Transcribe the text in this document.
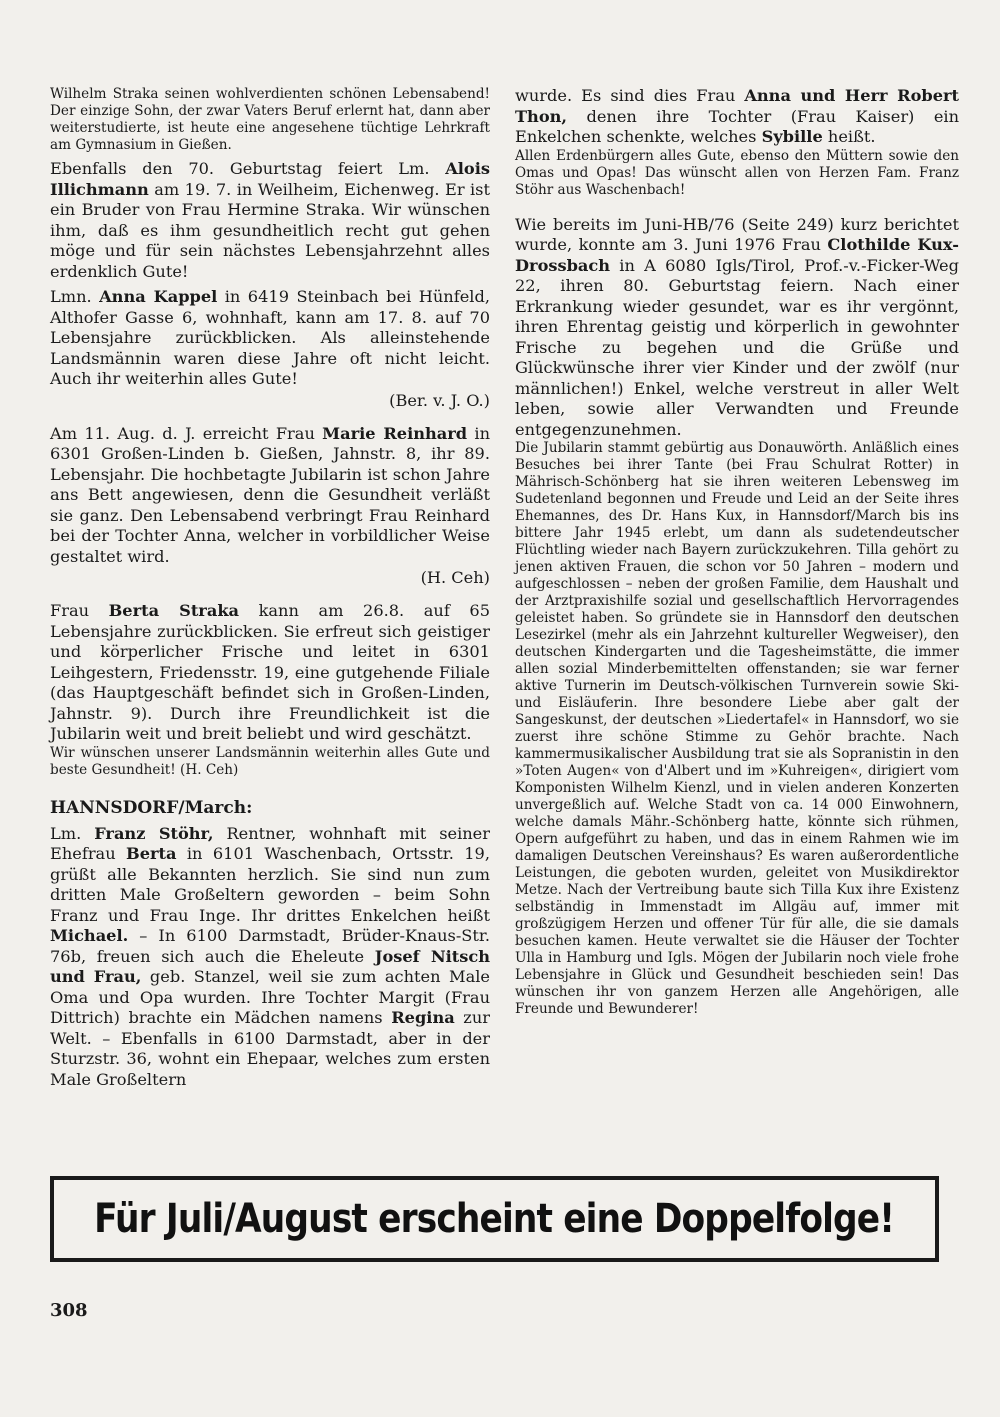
Wilhelm Straka seinen wohlverdienten schönen Lebensabend! Der einzige Sohn, der zwar Vaters Beruf erlernt hat, dann aber weiterstudierte, ist heute eine angesehene tüchtige Lehrkraft am Gymnasium in Gießen.

Ebenfalls den 70. Geburtstag feiert Lm. Alois Illichmann am 19. 7. in Weilheim, Eichenweg. Er ist ein Bruder von Frau Hermine Straka. Wir wünschen ihm, daß es ihm gesundheitlich recht gut gehen möge und für sein nächstes Lebensjahrzehnt alles erdenklich Gute!

Lmn. Anna Kappel in 6419 Steinbach bei Hünfeld, Althofer Gasse 6, wohnhaft, kann am 17. 8. auf 70 Lebensjahre zurückblicken. Als alleinstehende Landsmännin waren diese Jahre oft nicht leicht. Auch ihr weiterhin alles Gute!

(Ber. v. J. O.)

Am 11. Aug. d. J. erreicht Frau Marie Reinhard in 6301 Großen-Linden b. Gießen, Jahnstr. 8, ihr 89. Lebensjahr. Die hochbetagte Jubilarin ist schon Jahre ans Bett angewiesen, denn die Gesundheit verläßt sie ganz. Den Lebensabend verbringt Frau Reinhard bei der Tochter Anna, welcher in vorbildlicher Weise gestaltet wird.

(H. Ceh)

Frau Berta Straka kann am 26.8. auf 65 Lebensjahre zurückblicken. Sie erfreut sich geistiger und körperlicher Frische und leitet in 6301 Leihgestern, Friedensstr. 19, eine gutgehende Filiale (das Hauptgeschäft befindet sich in Großen-Linden, Jahnstr. 9). Durch ihre Freundlichkeit ist die Jubilarin weit und breit beliebt und wird geschätzt.

Wir wünschen unserer Landsmännin weiterhin alles Gute und beste Gesundheit! (H. Ceh)

HANNSDORF/March:

Lm. Franz Stöhr, Rentner, wohnhaft mit seiner Ehefrau Berta in 6101 Waschenbach, Ortsstr. 19, grüßt alle Bekannten herzlich. Sie sind nun zum dritten Male Großeltern geworden – beim Sohn Franz und Frau Inge. Ihr drittes Enkelchen heißt Michael. – In 6100 Darmstadt, Brüder-Knaus-Str. 76b, freuen sich auch die Eheleute Josef Nitsch und Frau, geb. Stanzel, weil sie zum achten Male Oma und Opa wurden. Ihre Tochter Margit (Frau Dittrich) brachte ein Mädchen namens Regina zur Welt. – Ebenfalls in 6100 Darmstadt, aber in der Sturzstr. 36, wohnt ein Ehepaar, welches zum ersten Male Großeltern

wurde. Es sind dies Frau Anna und Herr Robert Thon, denen ihre Tochter (Frau Kaiser) ein Enkelchen schenkte, welches Sybille heißt.

Allen Erdenbürgern alles Gute, ebenso den Müttern sowie den Omas und Opas! Das wünscht allen von Herzen Fam. Franz Stöhr aus Waschenbach!

Wie bereits im Juni-HB/76 (Seite 249) kurz berichtet wurde, konnte am 3. Juni 1976 Frau Clothilde Kux-Drossbach in A 6080 Igls/Tirol, Prof.-v.-Ficker-Weg 22, ihren 80. Geburtstag feiern. Nach einer Erkrankung wieder gesundet, war es ihr vergönnt, ihren Ehrentag geistig und körperlich in gewohnter Frische zu begehen und die Grüße und Glückwünsche ihrer vier Kinder und der zwölf (nur männlichen!) Enkel, welche verstreut in aller Welt leben, sowie aller Verwandten und Freunde entgegenzunehmen.

Die Jubilarin stammt gebürtig aus Donauwörth. Anläßlich eines Besuches bei ihrer Tante (bei Frau Schulrat Rotter) in Mährisch-Schönberg hat sie ihren weiteren Lebensweg im Sudetenland begonnen und Freude und Leid an der Seite ihres Ehemannes, des Dr. Hans Kux, in Hannsdorf/March bis ins bittere Jahr 1945 erlebt, um dann als sudetendeutscher Flüchtling wieder nach Bayern zurückzukehren. Tilla gehört zu jenen aktiven Frauen, die schon vor 50 Jahren – modern und aufgeschlossen – neben der großen Familie, dem Haushalt und der Arztpraxishilfe sozial und gesellschaftlich Hervorragendes geleistet haben. So gründete sie in Hannsdorf den deutschen Lesezirkel (mehr als ein Jahrzehnt kultureller Wegweiser), den deutschen Kindergarten und die Tagesheimstätte, die immer allen sozial Minderbemittelten offenstanden; sie war ferner aktive Turnerin im Deutsch-völkischen Turnverein sowie Ski- und Eisläuferin. Ihre besondere Liebe aber galt der Sangeskunst, der deutschen »Liedertafel« in Hannsdorf, wo sie zuerst ihre schöne Stimme zu Gehör brachte. Nach kammermusikalischer Ausbildung trat sie als Sopranistin in den »Toten Augen« von d'Albert und im »Kuhreigen«, dirigiert vom Komponisten Wilhelm Kienzl, und in vielen anderen Konzerten unvergeßlich auf. Welche Stadt von ca. 14 000 Einwohnern, welche damals Mähr.-Schönberg hatte, könnte sich rühmen, Opern aufgeführt zu haben, und das in einem Rahmen wie im damaligen Deutschen Vereinshaus? Es waren außerordentliche Leistungen, die geboten wurden, geleitet von Musikdirektor Metze. Nach der Vertreibung baute sich Tilla Kux ihre Existenz selbständig in Immenstadt im Allgäu auf, immer mit großzügigem Herzen und offener Tür für alle, die sie damals besuchen kamen. Heute verwaltet sie die Häuser der Tochter Ulla in Hamburg und Igls. Mögen der Jubilarin noch viele frohe Lebensjahre in Glück und Gesundheit beschieden sein! Das wünschen ihr von ganzem Herzen alle Angehörigen, alle Freunde und Bewunderer!

Für Juli/August erscheint eine Doppelfolge!
308
